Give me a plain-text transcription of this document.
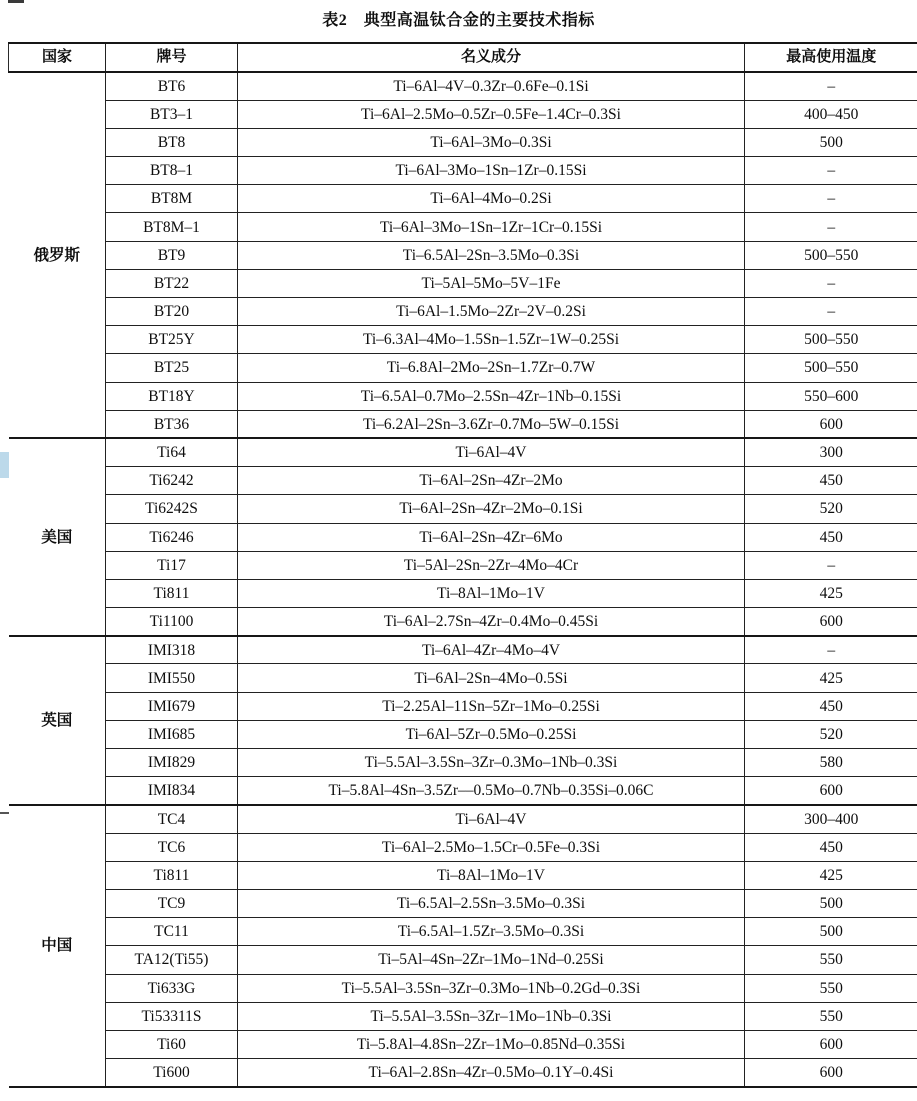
表2　典型高温钛合金的主要技术指标
国家	牌号	名义成分	最高使用温度
俄罗斯	BT6	Ti–6Al–4V–0.3Zr–0.6Fe–0.1Si	–
	BT3–1	Ti–6Al–2.5Mo–0.5Zr–0.5Fe–1.4Cr–0.3Si	400–450
	BT8	Ti–6Al–3Mo–0.3Si	500
	BT8–1	Ti–6Al–3Mo–1Sn–1Zr–0.15Si	–
	BT8M	Ti–6Al–4Mo–0.2Si	–
	BT8M–1	Ti–6Al–3Mo–1Sn–1Zr–1Cr–0.15Si	–
	BT9	Ti–6.5Al–2Sn–3.5Mo–0.3Si	500–550
	BT22	Ti–5Al–5Mo–5V–1Fe	–
	BT20	Ti–6Al–1.5Mo–2Zr–2V–0.2Si	–
	BT25Y	Ti–6.3Al–4Mo–1.5Sn–1.5Zr–1W–0.25Si	500–550
	BT25	Ti–6.8Al–2Mo–2Sn–1.7Zr–0.7W	500–550
	BT18Y	Ti–6.5Al–0.7Mo–2.5Sn–4Zr–1Nb–0.15Si	550–600
	BT36	Ti–6.2Al–2Sn–3.6Zr–0.7Mo–5W–0.15Si	600
美国	Ti64	Ti–6Al–4V	300
	Ti6242	Ti–6Al–2Sn–4Zr–2Mo	450
	Ti6242S	Ti–6Al–2Sn–4Zr–2Mo–0.1Si	520
	Ti6246	Ti–6Al–2Sn–4Zr–6Mo	450
	Ti17	Ti–5Al–2Sn–2Zr–4Mo–4Cr	–
	Ti811	Ti–8Al–1Mo–1V	425
	Ti1100	Ti–6Al–2.7Sn–4Zr–0.4Mo–0.45Si	600
英国	IMI318	Ti–6Al–4Zr–4Mo–4V	–
	IMI550	Ti–6Al–2Sn–4Mo–0.5Si	425
	IMI679	Ti–2.25Al–11Sn–5Zr–1Mo–0.25Si	450
	IMI685	Ti–6Al–5Zr–0.5Mo–0.25Si	520
	IMI829	Ti–5.5Al–3.5Sn–3Zr–0.3Mo–1Nb–0.3Si	580
	IMI834	Ti–5.8Al–4Sn–3.5Zr––0.5Mo–0.7Nb–0.35Si–0.06C	600
中国	TC4	Ti–6Al–4V	300–400
	TC6	Ti–6Al–2.5Mo–1.5Cr–0.5Fe–0.3Si	450
	Ti811	Ti–8Al–1Mo–1V	425
	TC9	Ti–6.5Al–2.5Sn–3.5Mo–0.3Si	500
	TC11	Ti–6.5Al–1.5Zr–3.5Mo–0.3Si	500
	TA12(Ti55)	Ti–5Al–4Sn–2Zr–1Mo–1Nd–0.25Si	550
	Ti633G	Ti–5.5Al–3.5Sn–3Zr–0.3Mo–1Nb–0.2Gd–0.3Si	550
	Ti53311S	Ti–5.5Al–3.5Sn–3Zr–1Mo–1Nb–0.3Si	550
	Ti60	Ti–5.8Al–4.8Sn–2Zr–1Mo–0.85Nd–0.35Si	600
	Ti600	Ti–6Al–2.8Sn–4Zr–0.5Mo–0.1Y–0.4Si	600
